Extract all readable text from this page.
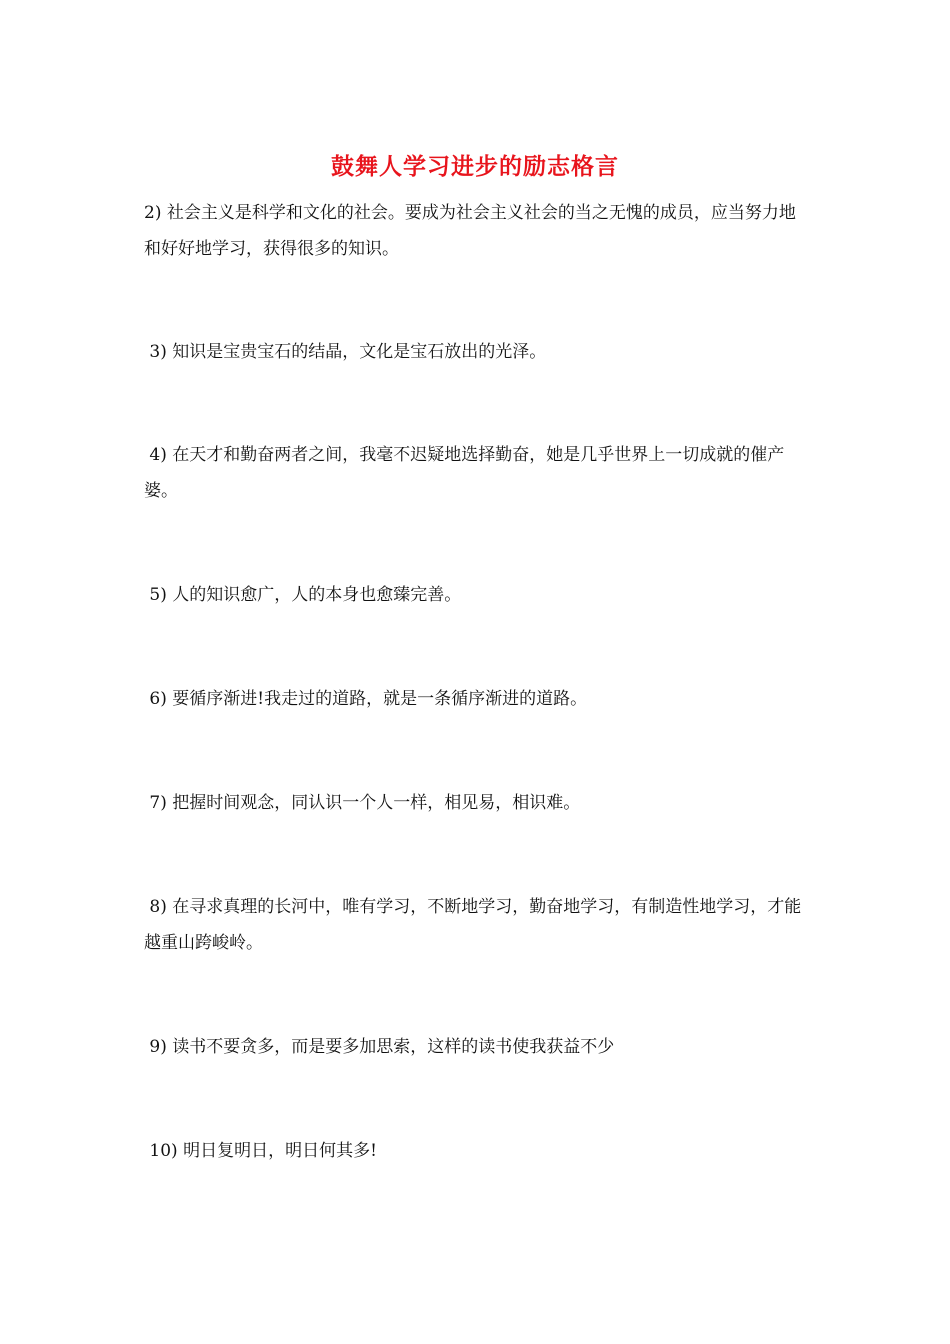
鼓舞人学习进步的励志格言
2) 社会主义是科学和文化的社会。要成为社会主义社会的当之无愧的成员，应当努力地和好好地学习，获得很多的知识。
3) 知识是宝贵宝石的结晶，文化是宝石放出的光泽。
4) 在天才和勤奋两者之间，我毫不迟疑地选择勤奋，她是几乎世界上一切成就的催产婆。
5) 人的知识愈广，人的本身也愈臻完善。
6) 要循序渐进!我走过的道路，就是一条循序渐进的道路。
7) 把握时间观念，同认识一个人一样，相见易，相识难。
8) 在寻求真理的长河中，唯有学习，不断地学习，勤奋地学习，有制造性地学习，才能越重山跨峻岭。
9) 读书不要贪多，而是要多加思索，这样的读书使我获益不少
10) 明日复明日，明日何其多!
